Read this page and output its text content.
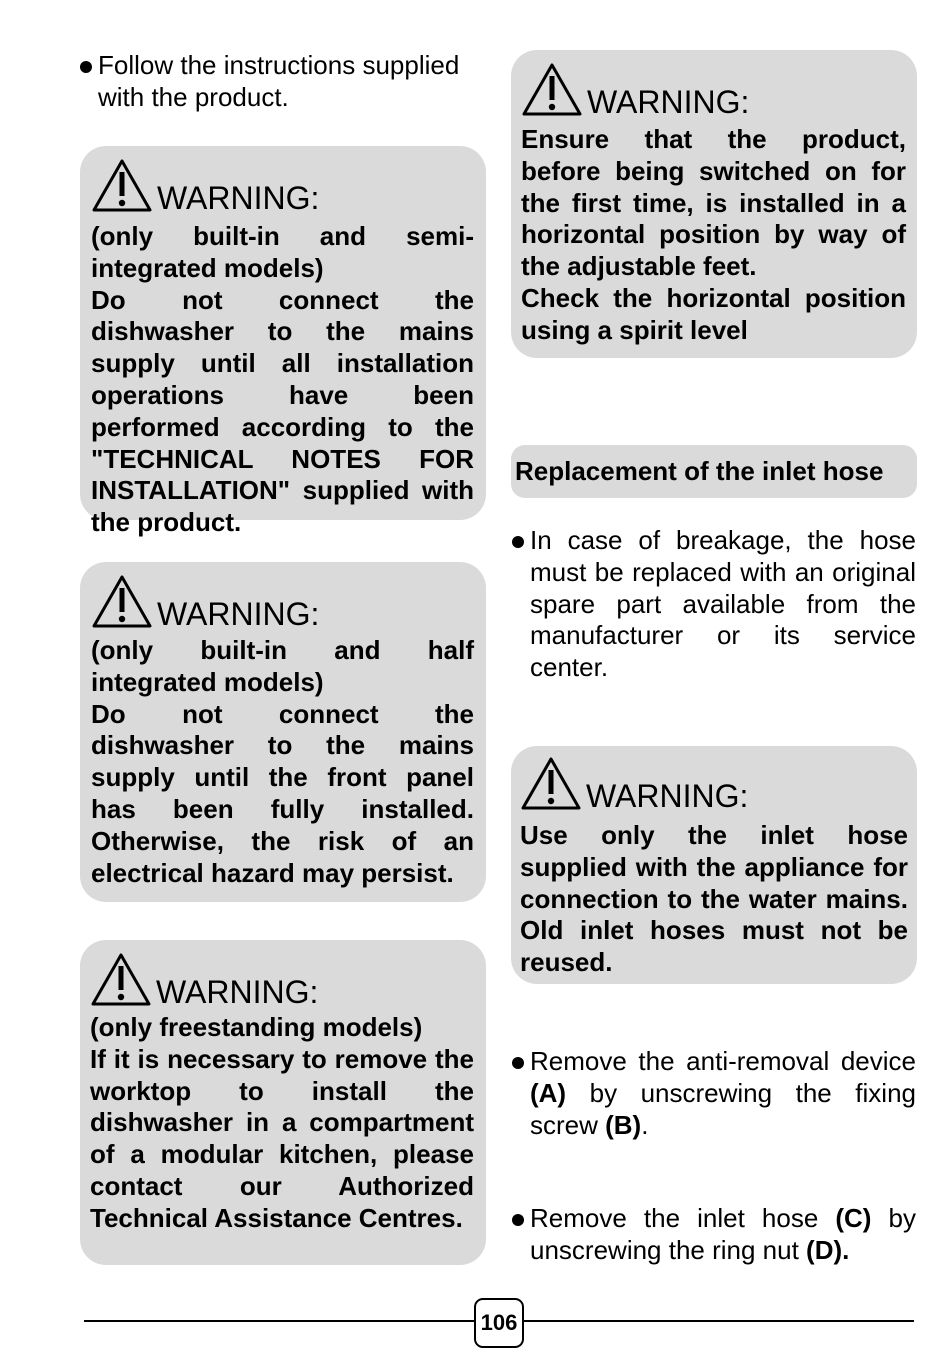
Follow the instructions supplied with the product.
WARNING:
(only built-in and semi-integrated models)
Do not connect the dishwasher to the mains supply until all installation operations have been performed according to the "TECHNICAL NOTES FOR INSTALLATION" supplied with the product.
WARNING:
(only built-in and half integrated models)
Do not connect the dishwasher to the mains supply until the front panel has been fully installed. Otherwise, the risk of an electrical hazard may persist.
WARNING:
(only freestanding models)
If it is necessary to remove the worktop to install the dishwasher in a compartment of a modular kitchen, please contact our Authorized Technical Assistance Centres.
WARNING:
Ensure that the product, before being switched on for the first time, is installed in a horizontal position by way of the adjustable feet.
Check the horizontal position using a spirit level
Replacement of the inlet hose
In case of breakage, the hose must be replaced with an original spare part available from the manufacturer or its service center.
WARNING:
Use only the inlet hose supplied with the appliance for connection to the water mains. Old inlet hoses must not be reused.
Remove the anti-removal device (A) by unscrewing the fixing screw (B).
Remove the inlet hose (C) by unscrewing the ring nut (D).
106
